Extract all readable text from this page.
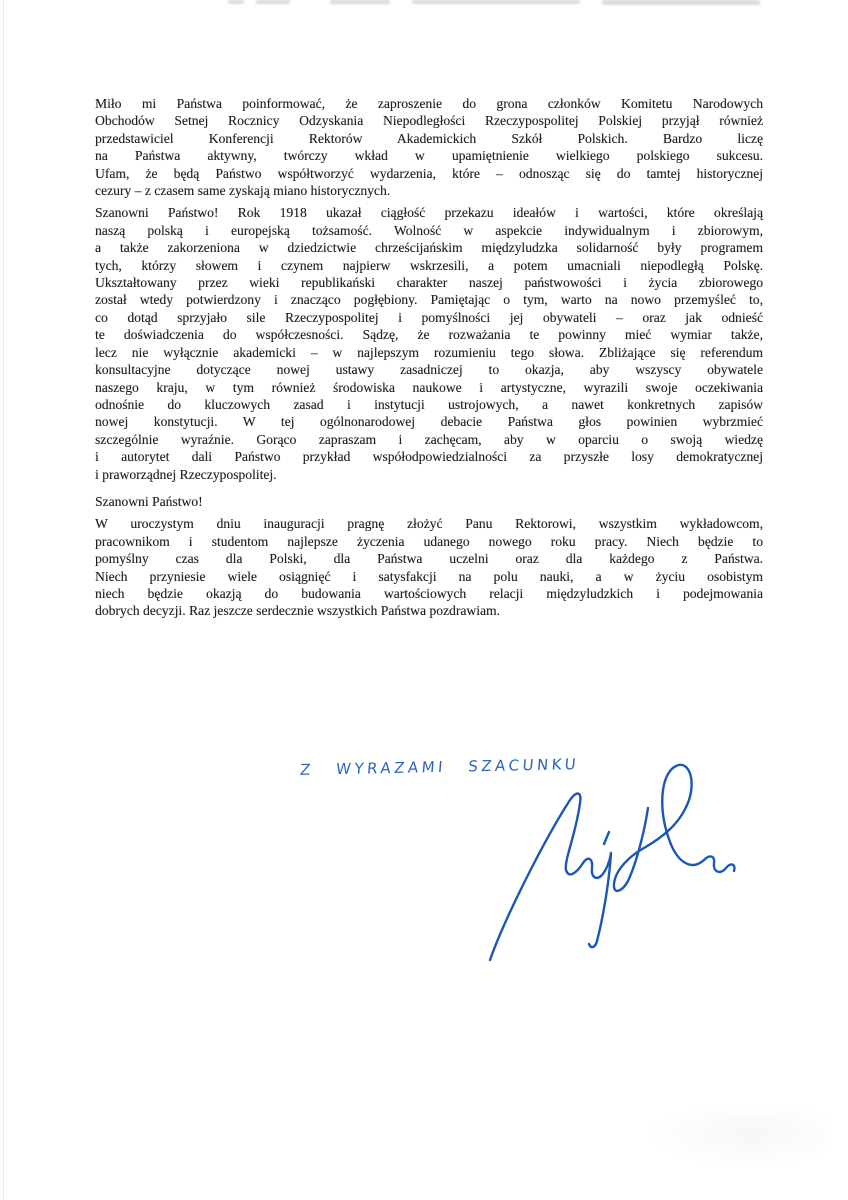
Miło mi Państwa poinformować, że zaproszenie do grona członków Komitetu Narodowych
Obchodów Setnej Rocznicy Odzyskania Niepodległości Rzeczypospolitej Polskiej przyjął również
przedstawiciel Konferencji Rektorów Akademickich Szkół Polskich. Bardzo liczę
na Państwa aktywny, twórczy wkład w upamiętnienie wielkiego polskiego sukcesu.
Ufam, że będą Państwo współtworzyć wydarzenia, które – odnosząc się do tamtej historycznej
cezury – z czasem same zyskają miano historycznych.
Szanowni Państwo! Rok 1918 ukazał ciągłość przekazu ideałów i wartości, które określają
naszą polską i europejską tożsamość. Wolność w aspekcie indywidualnym i zbiorowym,
a także zakorzeniona w dziedzictwie chrześcijańskim międzyludzka solidarność były programem
tych, którzy słowem i czynem najpierw wskrzesili, a potem umacniali niepodległą Polskę.
Ukształtowany przez wieki republikański charakter naszej państwowości i życia zbiorowego
został wtedy potwierdzony i znacząco pogłębiony. Pamiętając o tym, warto na nowo przemyśleć to,
co dotąd sprzyjało sile Rzeczypospolitej i pomyślności jej obywateli – oraz jak odnieść
te doświadczenia do współczesności. Sądzę, że rozważania te powinny mieć wymiar także,
lecz nie wyłącznie akademicki – w najlepszym rozumieniu tego słowa. Zbliżające się referendum
konsultacyjne dotyczące nowej ustawy zasadniczej to okazja, aby wszyscy obywatele
naszego kraju, w tym również środowiska naukowe i artystyczne, wyrazili swoje oczekiwania
odnośnie do kluczowych zasad i instytucji ustrojowych, a nawet konkretnych zapisów
nowej konstytucji. W tej ogólnonarodowej debacie Państwa głos powinien wybrzmieć
szczególnie wyraźnie. Gorąco zapraszam i zachęcam, aby w oparciu o swoją wiedzę
i autorytet dali Państwo przykład współodpowiedzialności za przyszłe losy demokratycznej
i praworządnej Rzeczypospolitej.
Szanowni Państwo!
W uroczystym dniu inauguracji pragnę złożyć Panu Rektorowi, wszystkim wykładowcom,
pracownikom i studentom najlepsze życzenia udanego nowego roku pracy. Niech będzie to
pomyślny czas dla Polski, dla Państwa uczelni oraz dla każdego z Państwa.
Niech przyniesie wiele osiągnięć i satysfakcji na polu nauki, a w życiu osobistym
niech będzie okazją do budowania wartościowych relacji międzyludzkich i podejmowania
dobrych decyzji. Raz jeszcze serdecznie wszystkich Państwa pozdrawiam.
Z WYRAZAMI SZACUNKU
